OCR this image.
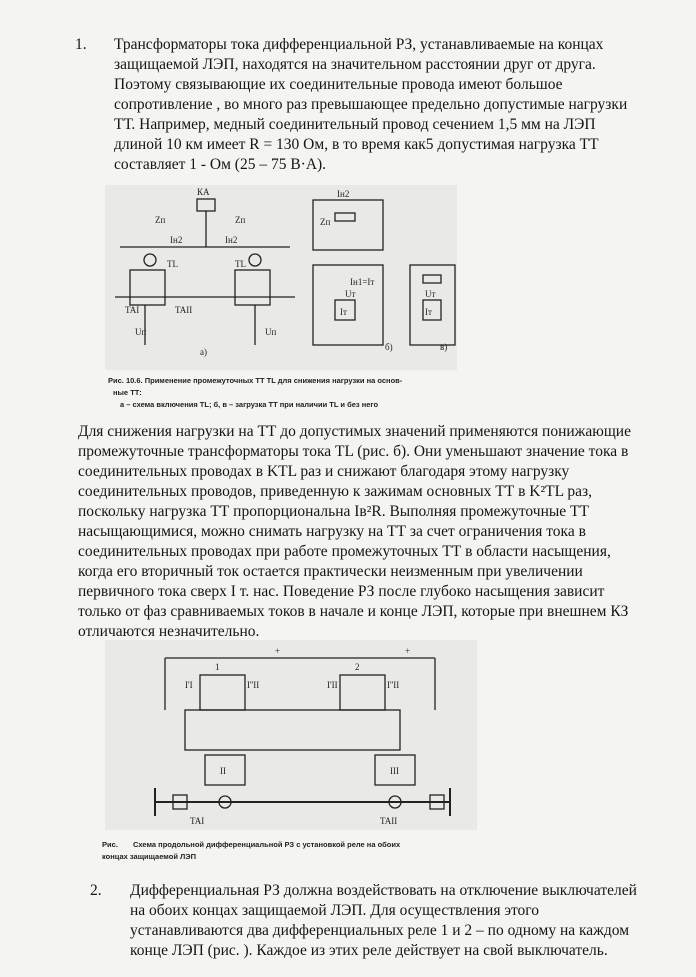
1. Трансформаторы тока дифференциальной РЗ, устанавливаемые на концах
защищаемой ЛЭП, находятся на значительном расстоянии друг от друга.
Поэтому связывающие их соединительные провода имеют большое
сопротивление , во много раз превышающее предельно допустимые нагрузки
ТТ. Например, медный соединительный провод сечением 1,5 мм на ЛЭП
длиной 10 км имеет R = 130 Ом, в то время как5 допустимая нагрузка ТТ
составляет 1 - Ом (25 – 75 В·А).
КА
Zп	Zп
Iн2	Iн2
TL	TL
TAI	TAII
Uп	Uп
а)	б)	в)
Zп
Iн2
Iн1=Iт
Iт
Uт
Iт
Uт
Рис. 10.6. Применение промежуточных ТТ TL для снижения нагрузки на основ-
ные ТТ:
а – схема включения TL; б, в – загрузка ТТ при наличии TL и без него
Для снижения нагрузки на ТТ до допустимых значений применяются понижающие
промежуточные трансформаторы тока TL (рис. б). Они уменьшают значение тока в
соединительных проводах в KTL раз и снижают благодаря этому нагрузку
соединительных проводов, приведенную к зажимам основных ТТ в K²TL раз,
поскольку нагрузка ТТ пропорциональна Iв²R. Выполняя промежуточные ТТ
насыщающимися, можно снимать нагрузку на ТТ за счет ограничения тока в
соединительных проводах при работе промежуточных ТТ в области насыщения,
когда его вторичный ток остается практически неизменным при увеличении
первичного тока сверх I т. нас. Поведение РЗ после глубоко насыщения зависит
только от фаз сравниваемых токов в начале и конце ЛЭП, которые при внешнем КЗ
отличаются незначительно.
I'I	I''II	I'II	I''II
1	2
+	+
II	III
TAI	TAII
Рис. Схема продольной дифференциальной РЗ с установкой реле на обоих
концах защищаемой ЛЭП
2. Дифференциальная РЗ должна воздействовать на отключение выключателей
на обоих концах защищаемой ЛЭП. Для осуществления этого
устанавливаются два дифференциальных реле 1 и 2 – по одному на каждом
конце ЛЭП (рис. ). Каждое из этих реле действует на свой выключатель.
